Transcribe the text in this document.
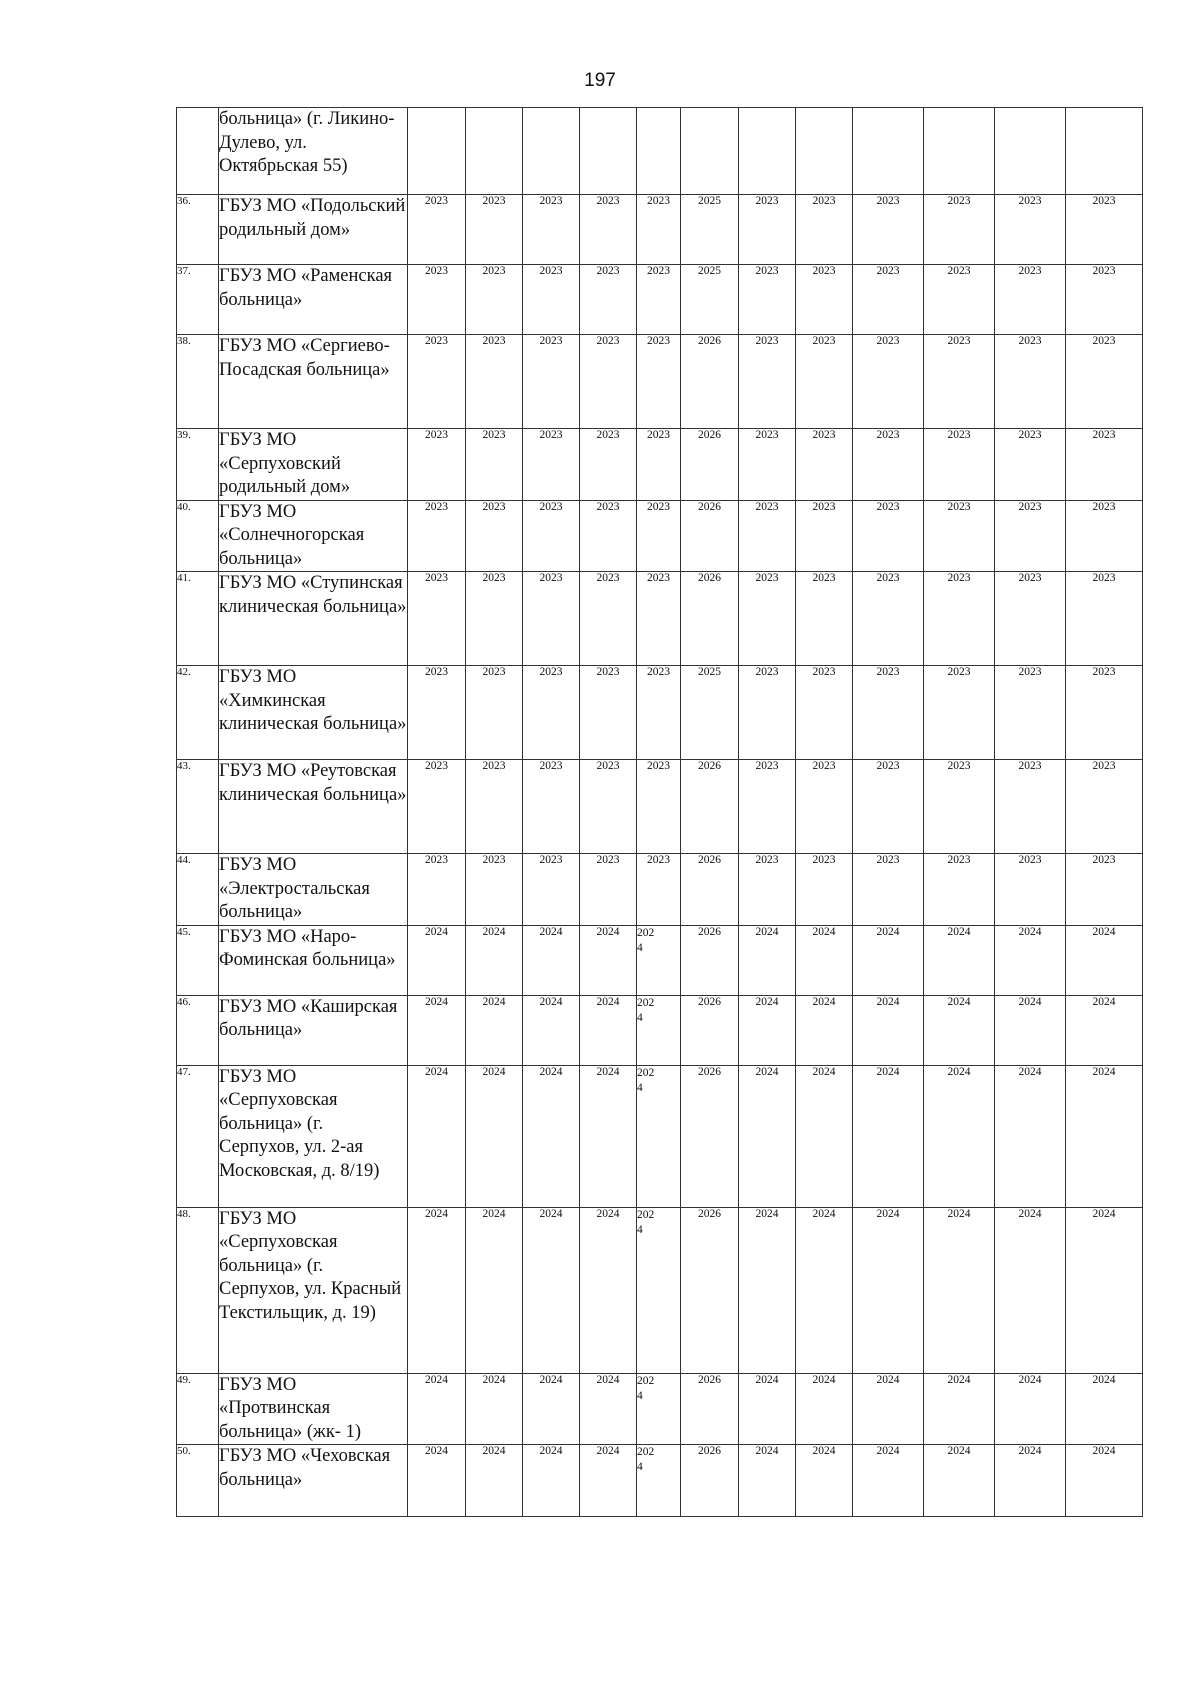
197
	больница» (г. Ликино-Дулево, ул. Октябрьская 55)												
36.	ГБУЗ МО «Подольский родильный дом»	2023	2023	2023	2023	2023	2025	2023	2023	2023	2023	2023	2023
37.	ГБУЗ МО «Раменская больница»	2023	2023	2023	2023	2023	2025	2023	2023	2023	2023	2023	2023
38.	ГБУЗ МО «Сергиево-Посадская больница»	2023	2023	2023	2023	2023	2026	2023	2023	2023	2023	2023	2023
39.	ГБУЗ МО «Серпуховский родильный дом»	2023	2023	2023	2023	2023	2026	2023	2023	2023	2023	2023	2023
40.	ГБУЗ МО «Солнечногорская больница»	2023	2023	2023	2023	2023	2026	2023	2023	2023	2023	2023	2023
41.	ГБУЗ МО «Ступинская клиническая больница»	2023	2023	2023	2023	2023	2026	2023	2023	2023	2023	2023	2023
42.	ГБУЗ МО «Химкинская клиническая больница»	2023	2023	2023	2023	2023	2025	2023	2023	2023	2023	2023	2023
43.	ГБУЗ МО «Реутовская клиническая больница»	2023	2023	2023	2023	2023	2026	2023	2023	2023	2023	2023	2023
44.	ГБУЗ МО «Электростальская больница»	2023	2023	2023	2023	2023	2026	2023	2023	2023	2023	2023	2023
45.	ГБУЗ МО «Наро-Фоминская больница»	2024	2024	2024	2024	2024	2026	2024	2024	2024	2024	2024	2024
46.	ГБУЗ МО «Каширская больница»	2024	2024	2024	2024	2024	2026	2024	2024	2024	2024	2024	2024
47.	ГБУЗ МО «Серпуховская больница» (г. Серпухов, ул. 2-ая Московская, д. 8/19)	2024	2024	2024	2024	2024	2026	2024	2024	2024	2024	2024	2024
48.	ГБУЗ МО «Серпуховская больница» (г. Серпухов, ул. Красный Текстильщик, д. 19)	2024	2024	2024	2024	2024	2026	2024	2024	2024	2024	2024	2024
49.	ГБУЗ МО «Протвинская больница» (жк- 1)	2024	2024	2024	2024	2024	2026	2024	2024	2024	2024	2024	2024
50.	ГБУЗ МО «Чеховская больница»	2024	2024	2024	2024	2024	2026	2024	2024	2024	2024	2024	2024
